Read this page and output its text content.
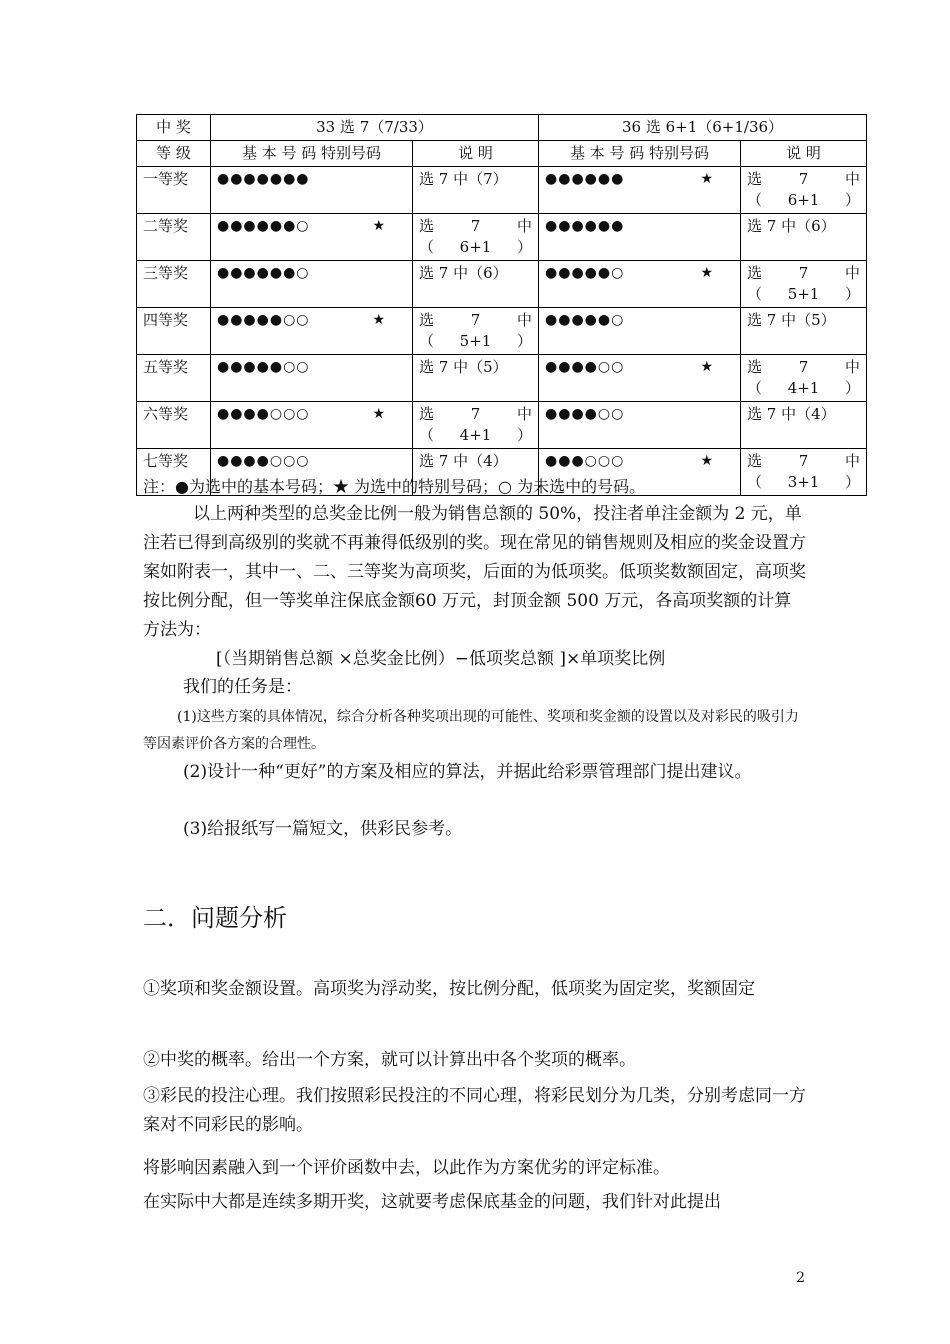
中 奖	33 选 7（7/33）		36 选 6+1（6+1/36）	
等 级	基 本 号 码 特别号码	说 明	基 本 号 码 特别号码	说 明
一等奖	●●●●●●●	选 7 中（7）	●●●●●● ★	选　　7　　中（6+1）
二等奖	●●●●●●○ ★	选　　7　　中（6+1）	●●●●●●	选 7 中（6）
三等奖	●●●●●●○	选 7 中（6）	●●●●●○ ★	选　　7　　中（5+1）
四等奖	●●●●●○○ ★	选　　7　　中（5+1）	●●●●●○	选 7 中（5）
五等奖	●●●●●○○	选 7 中（5）	●●●●○○ ★	选　　7　　中（4+1）
六等奖	●●●●○○○ ★	选　　7　　中（4+1）	●●●●○○	选 7 中（4）
七等奖	●●●●○○○	选 7 中（4）	●●●○○○ ★	选　　7　　中（3+1）
注：●为选中的基本号码；★ 为选中的特别号码；○ 为未选中的号码。
以上两种类型的总奖金比例一般为销售总额的 50%，投注者单注金额为 2 元，单注若已得到高级别的奖就不再兼得低级别的奖。现在常见的销售规则及相应的奖金设置方案如附表一，其中一、二、三等奖为高项奖，后面的为低项奖。低项奖数额固定，高项奖按比例分配，但一等奖单注保底金额60 万元，封顶金额 500 万元，各高项奖额的计算方法为：
[（当期销售总额 ×总奖金比例）−低项奖总额 ]×单项奖比例
我们的任务是：
(1)这些方案的具体情况，综合分析各种奖项出现的可能性、奖项和奖金额的设置以及对彩民的吸引力等因素评价各方案的合理性。
(2)设计一种“更好”的方案及相应的算法，并据此给彩票管理部门提出建议。
(3)给报纸写一篇短文，供彩民参考。
二．问题分析
①奖项和奖金额设置。高项奖为浮动奖，按比例分配，低项奖为固定奖，奖额固定
②中奖的概率。给出一个方案，就可以计算出中各个奖项的概率。
③彩民的投注心理。我们按照彩民投注的不同心理，将彩民划分为几类，分别考虑同一方案对不同彩民的影响。
将影响因素融入到一个评价函数中去，以此作为方案优劣的评定标准。
在实际中大都是连续多期开奖，这就要考虑保底基金的问题，我们针对此提出
2
